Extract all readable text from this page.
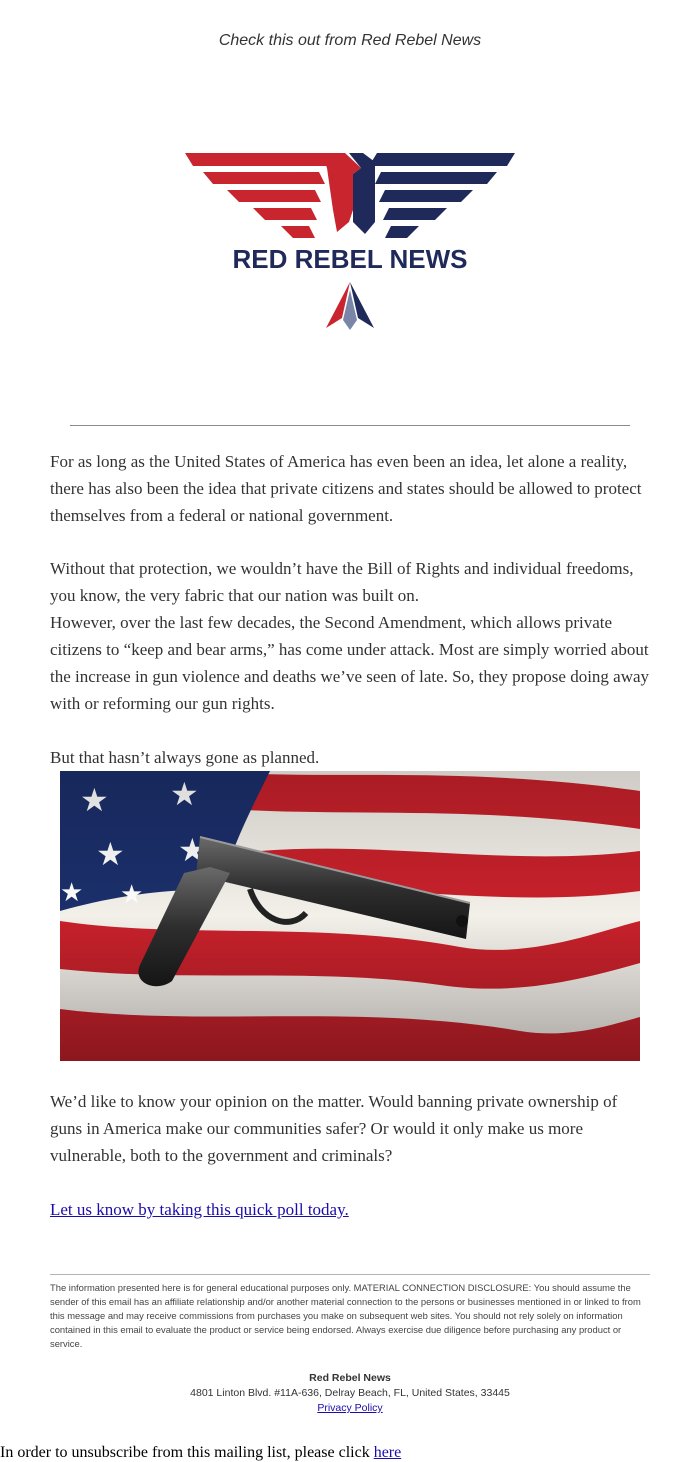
Check this out from Red Rebel News
★ ★	★ ★
RED REBEL NEWS

For as long as the United States of America has even been an idea, let alone a reality, there has also been the idea that private citizens and states should be allowed to protect themselves from a federal or national government.

Without that protection, we wouldn’t have the Bill of Rights and individual freedoms, you know, the very fabric that our nation was built on.

However, over the last few decades, the Second Amendment, which allows private citizens to “keep and bear arms,” has come under attack. Most are simply worried about the increase in gun violence and deaths we’ve seen of late. So, they propose doing away with or reforming our gun rights.

But that hasn’t always gone as planned.

We’d like to know your opinion on the matter. Would banning private ownership of guns in America make our communities safer? Or would it only make us more vulnerable, both to the government and criminals?

Let us know by taking this quick poll today.

The information presented here is for general educational purposes only. MATERIAL CONNECTION DISCLOSURE: You should assume the sender of this email has an affiliate relationship and/or another material connection to the persons or businesses mentioned in or linked to from this message and may receive commissions from purchases you make on subsequent web sites. You should not rely solely on information contained in this email to evaluate the product or service being endorsed. Always exercise due diligence before purchasing any product or service.

Red Rebel News
4801 Linton Blvd. #11A-636, Delray Beach, FL, United States, 33445
Privacy Policy
In order to unsubscribe from this mailing list, please click here
